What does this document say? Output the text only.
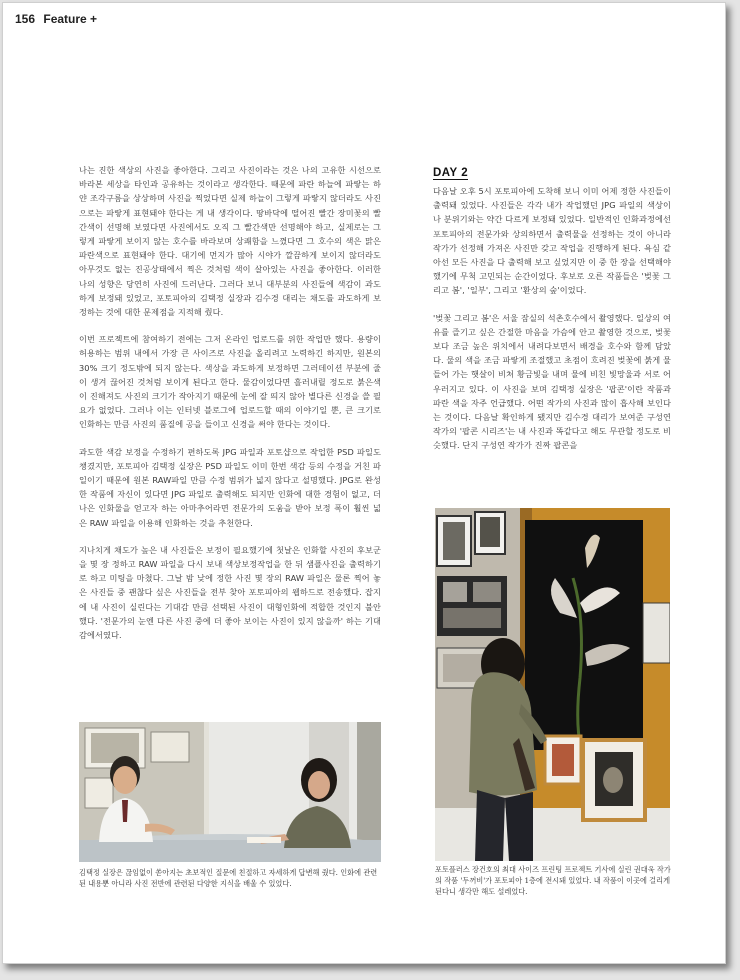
156 Feature +

나는 진한 색상의 사진을 좋아한다. 그리고 사진이라는 것은 나의 고유한 시선으로 바라본 세상을 타인과 공유하는 것이라고 생각한다. 때문에 파란 하늘에 파랗는 하얀 조각구름을 상상하며 사진을 찍었다면 실제 하늘이 그렇게 파랗지 않더라도 사진으로는 파랗게 표현돼야 한다는 게 내 생각이다. 땅바닥에 떨어진 빨간 장미꽃의 빨간색이 선명해 보였다면 사진에서도 오직 그 빨간색만 선명해야 하고, 실제로는 그렇게 파랗게 보이지 않는 호수를 바라보며 상쾌함을 느꼈다면 그 호수의 색은 맑은 파란색으로 표현돼야 한다. 대기에 먼지가 많아 시야가 깔끔하게 보이지 않더라도 아무것도 없는 진공상태에서 찍은 것처럼 색이 살아있는 사진을 좋아한다. 이러한 나의 성향은 당연히 사진에 드러난다. 그러다 보니 대부분의 사진들에 색감이 과도하게 보정돼 있었고, 포토피아의 김택정 실장과 김수경 대리는 채도를 과도하게 보정하는 것에 대한 문제점을 지적해 줬다.

이번 프로젝트에 참여하기 전에는 그저 온라인 업로드를 위한 작업만 했다. 용량이 허용하는 범위 내에서 가장 큰 사이즈로 사진을 올리려고 노력하긴 하지만, 원본의 30% 크기 정도밖에 되지 않는다. 색상을 과도하게 보정하면 그러데이션 부분에 줄이 생겨 끊어진 것처럼 보이게 된다고 한다. 물감이었다면 흘러내릴 정도로 붉은색이 진해져도 사진의 크기가 작아지기 때문에 눈에 잘 띄지 않아 별다른 신경을 쓸 필요가 없었다. 그러나 이는 인터넷 블로그에 업로드할 때의 이야기일 뿐, 큰 크기로 인화하는 만큼 사진의 품질에 공을 들이고 신경을 써야 한다는 것이다.

과도한 색감 보정을 수정하기 편하도록 JPG 파일과 포토샵으로 작업한 PSD 파일도 챙겼지만, 포토피아 김택정 실장은 PSD 파일도 이미 한번 색감 등의 수정을 거친 파일이기 때문에 원본 RAW파일 만큼 수정 범위가 넓지 않다고 설명했다. JPG로 완성한 작품에 자신이 있다면 JPG 파일로 출력해도 되지만 인화에 대한 경험이 없고, 더 나은 인화물을 얻고자 하는 아마추어라면 전문가의 도움을 받아 보정 폭이 훨씬 넓은 RAW 파일을 이용해 인화하는 것을 추천한다.

지나치게 채도가 높은 내 사진들은 보정이 필요했기에 첫날은 인화할 사진의 후보군을 몇 장 정하고 RAW 파일을 다시 보내 색상보정작업을 한 뒤 샘플사진을 출력하기로 하고 미팅을 마쳤다. 그날 밤 낮에 정한 사진 몇 장의 RAW 파일은 물론 찍어 놓은 사진들 중 괜찮다 싶은 사진들을 전부 찾아 포토피아의 웹하드로 전송했다. 잡지에 내 사진이 실린다는 기대감 만큼 선택된 사진이 대형인화에 적합한 것인지 불안했다. '전문가의 눈엔 다른 사진 중에 더 좋아 보이는 사진이 있지 않을까' 하는 기대감에서였다.

DAY 2

다음날 오후 5시 포토피아에 도착해 보니 이미 어제 정한 사진들이 출력돼 있었다. 사진들은 각각 내가 작업했던 JPG 파일의 색상이나 분위기와는 약간 다르게 보정돼 있었다. 일반적인 인화과정에선 포토피아의 전문가와 상의하면서 출력물을 선정하는 것이 아니라 작가가 선정해 가져온 사진만 갖고 작업을 진행하게 된다. 욕심 같아선 모든 사진을 다 출력해 보고 싶었지만 이 중 한 장을 선택해야 했기에 무척 고민되는 순간이었다. 후보로 오른 작품들은 '벚꽃 그리고 봄', '일부', 그리고 '환상의 숲'이었다.

'벚꽃 그리고 봄'은 서울 잠실의 석촌호수에서 촬영했다. 일상의 여유를 즐기고 싶은 간절한 마음을 가슴에 안고 촬영한 것으로, 벚꽃보다 조금 높은 위치에서 내려다보면서 배경을 호수와 함께 담았다. 물의 색을 조금 파랗게 조절했고 초점이 흐려진 벚꽃에 붉게 물들어 가는 햇살이 비쳐 황금빛을 내며 물에 비친 빛망울과 서로 어우러지고 있다. 이 사진을 보며 김택정 실장은 '팝콘'이란 작품과 파란 색을 자주 언급했다. 어떤 작가의 사진과 많이 흡사해 보인다는 것이다. 다음날 확인하게 됐지만 김수경 대리가 보여준 구성연 작가의 '팝콘 시리즈'는 내 사진과 똑같다고 해도 무관할 정도로 비슷했다. 단지 구성연 작가가 진짜 팝콘을

김택정 실장은 끊임없이 쏟아지는 초보적인 질문에 친절하고 자세하게 답변해 줬다. 인화에 관련된 내용뿐 아니라 사진 전반에 관련된 다양한 지식을 배울 수 있었다.
포토플러스 장건호의 최대 사이즈 프린팅 프로젝트 기사에 실린 권대욱 작가의 작품 '두꺼비'가 포토피아 1층에 전시돼 있었다. 내 작품이 이곳에 걸리게 된다니 생각만 해도 설레었다.
